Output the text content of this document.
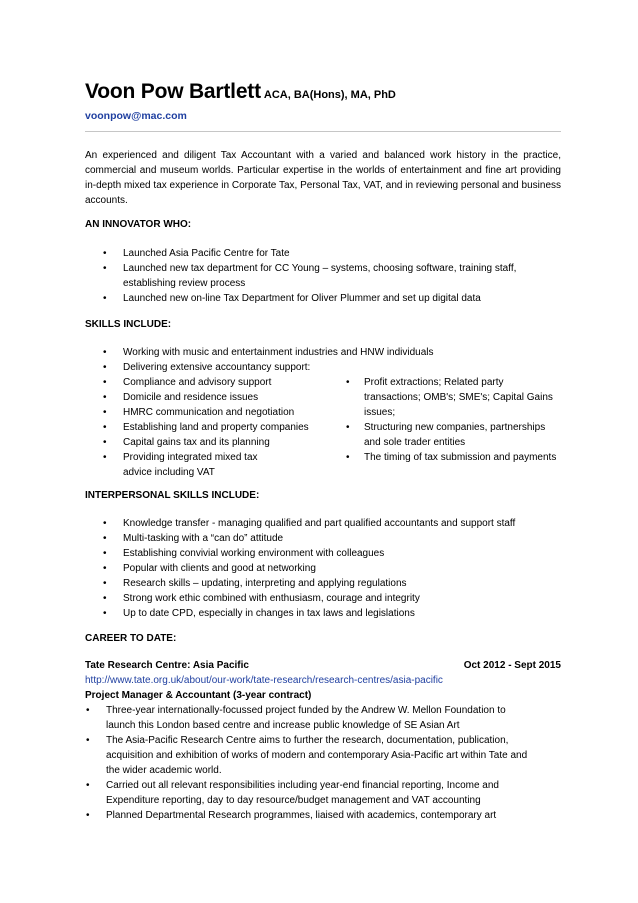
Voon Pow Bartlett ACA, BA(Hons), MA, PhD
voonpow@mac.com
An experienced and diligent Tax Accountant with a varied and balanced work history in the practice, commercial and museum worlds. Particular expertise in the worlds of entertainment and fine art providing in-depth mixed tax experience in Corporate Tax, Personal Tax, VAT, and in reviewing personal and business accounts.
AN INNOVATOR WHO:
• Launched Asia Pacific Centre for Tate
• Launched new tax department for CC Young – systems, choosing software, training staff, establishing review process
• Launched new on-line Tax Department for Oliver Plummer and set up digital data
SKILLS INCLUDE:
• Working with music and entertainment industries and HNW individuals
• Delivering extensive accountancy support:
• Compliance and advisory support
• Domicile and residence issues
• HMRC communication and negotiation
• Establishing land and property companies
• Capital gains tax and its planning
• Providing integrated mixed tax advice including VAT
• Profit extractions; Related party transactions; OMB's; SME's; Capital Gains issues;
• Structuring new companies, partnerships and sole trader entities
• The timing of tax submission and payments
INTERPERSONAL SKILLS INCLUDE:
• Knowledge transfer - managing qualified and part qualified accountants and support staff
• Multi-tasking with a “can do” attitude
• Establishing convivial working environment with colleagues
• Popular with clients and good at networking
• Research skills – updating, interpreting and applying regulations
• Strong work ethic combined with enthusiasm, courage and integrity
• Up to date CPD, especially in changes in tax laws and legislations
CAREER TO DATE:
Tate Research Centre: Asia Pacific	Oct 2012 - Sept 2015
http://www.tate.org.uk/about/our-work/tate-research/research-centres/asia-pacific
Project Manager & Accountant (3-year contract)
• Three-year internationally-focussed project funded by the Andrew W. Mellon Foundation to launch this London based centre and increase public knowledge of SE Asian Art
• The Asia-Pacific Research Centre aims to further the research, documentation, publication, acquisition and exhibition of works of modern and contemporary Asia-Pacific art within Tate and the wider academic world.
• Carried out all relevant responsibilities including year-end financial reporting, Income and Expenditure reporting, day to day resource/budget management and VAT accounting
• Planned Departmental Research programmes, liaised with academics, contemporary art
